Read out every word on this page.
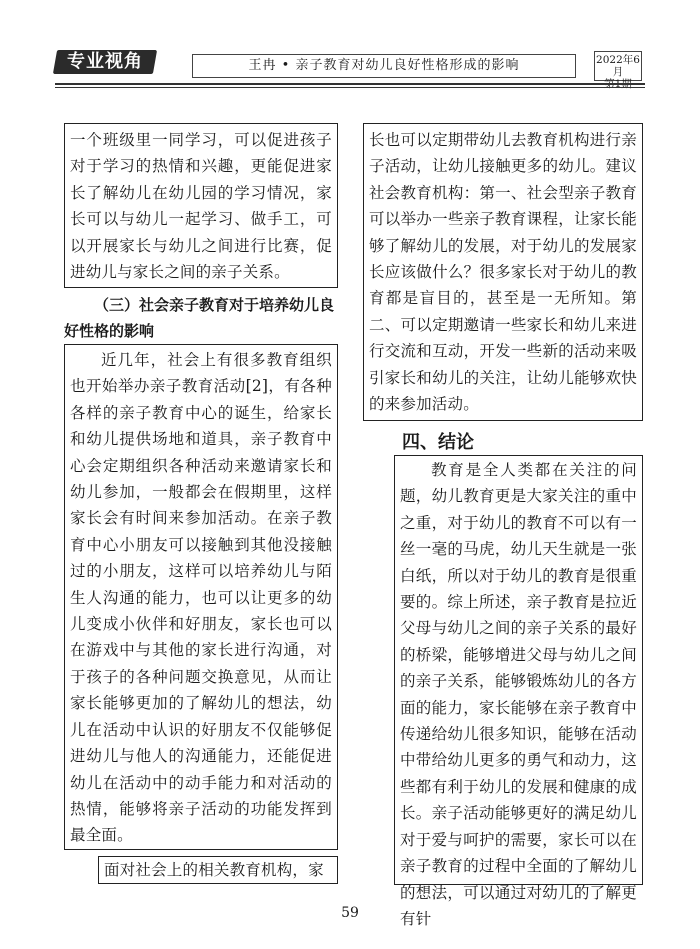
专业视角	王冉 • 亲子教育对幼儿良好性格形成的影响	2022年6月
第1期
一个班级里一同学习，可以促进孩子对于学习的热情和兴趣，更能促进家长了解幼儿在幼儿园的学习情况，家长可以与幼儿一起学习、做手工，可以开展家长与幼儿之间进行比赛，促进幼儿与家长之间的亲子关系。
（三）社会亲子教育对于培养幼儿良好性格的影响
近几年，社会上有很多教育组织也开始举办亲子教育活动[2]，有各种各样的亲子教育中心的诞生，给家长和幼儿提供场地和道具，亲子教育中心会定期组织各种活动来邀请家长和幼儿参加，一般都会在假期里，这样家长会有时间来参加活动。在亲子教育中心小朋友可以接触到其他没接触过的小朋友，这样可以培养幼儿与陌生人沟通的能力，也可以让更多的幼儿变成小伙伴和好朋友，家长也可以在游戏中与其他的家长进行沟通，对于孩子的各种问题交换意见，从而让家长能够更加的了解幼儿的想法，幼儿在活动中认识的好朋友不仅能够促进幼儿与他人的沟通能力，还能促进幼儿在活动中的动手能力和对活动的热情，能够将亲子活动的功能发挥到最全面。
面对社会上的相关教育机构，家
长也可以定期带幼儿去教育机构进行亲子活动，让幼儿接触更多的幼儿。建议社会教育机构：第一、社会型亲子教育可以举办一些亲子教育课程，让家长能够了解幼儿的发展，对于幼儿的发展家长应该做什么？很多家长对于幼儿的教育都是盲目的，甚至是一无所知。第二、可以定期邀请一些家长和幼儿来进行交流和互动，开发一些新的活动来吸引家长和幼儿的关注，让幼儿能够欢快的来参加活动。
四、结论
教育是全人类都在关注的问题，幼儿教育更是大家关注的重中之重，对于幼儿的教育不可以有一丝一毫的马虎，幼儿天生就是一张白纸，所以对于幼儿的教育是很重要的。综上所述，亲子教育是拉近父母与幼儿之间的亲子关系的最好的桥梁，能够增进父母与幼儿之间的亲子关系，能够锻炼幼儿的各方面的能力，家长能够在亲子教育中传递给幼儿很多知识，能够在活动中带给幼儿更多的勇气和动力，这些都有利于幼儿的发展和健康的成长。亲子活动能够更好的满足幼儿对于爱与呵护的需要，家长可以在亲子教育的过程中全面的了解幼儿的想法，可以通过对幼儿的了解更有针
59
